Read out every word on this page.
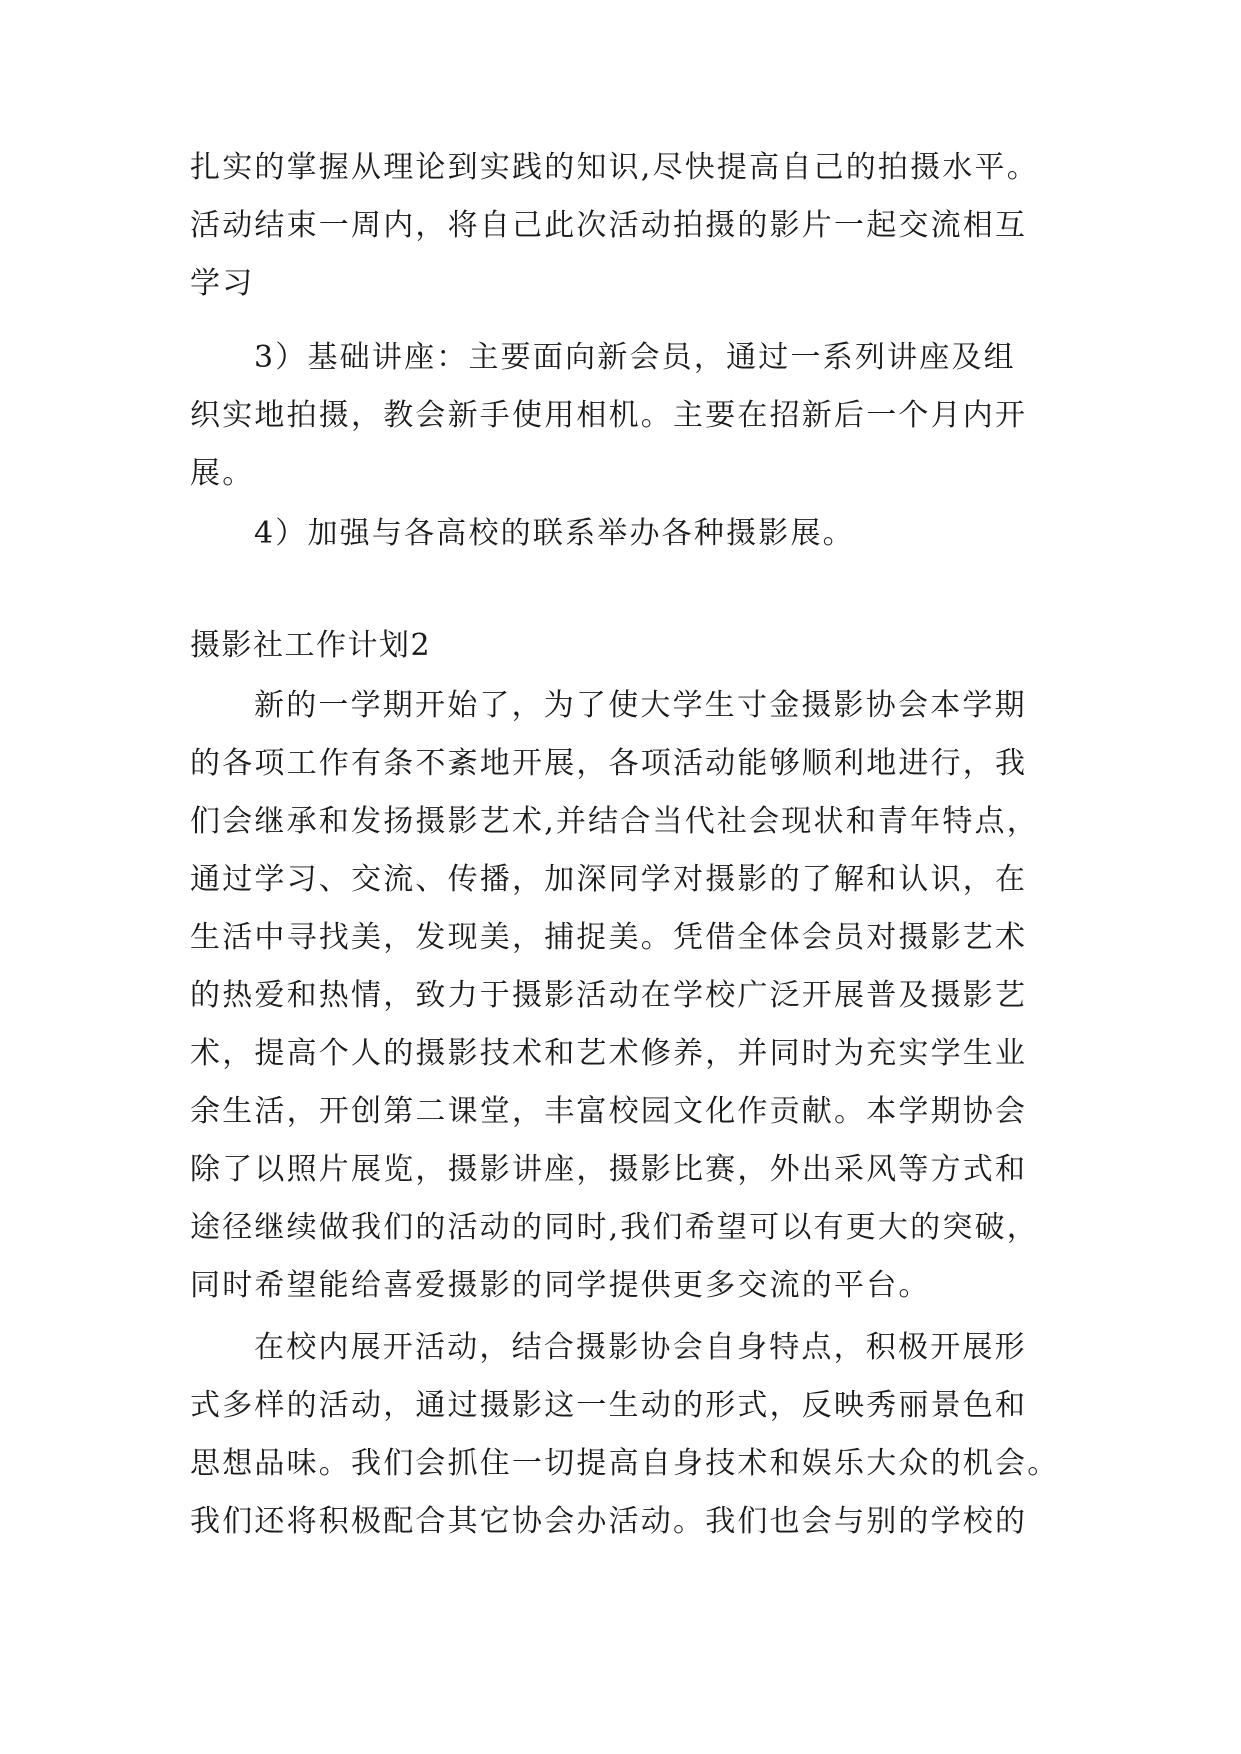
扎实的掌握从理论到实践的知识,尽快提高自己的拍摄水平。
活动结束一周内，将自己此次活动拍摄的影片一起交流相互
学习
3）基础讲座：主要面向新会员，通过一系列讲座及组
织实地拍摄，教会新手使用相机。主要在招新后一个月内开
展。
4）加强与各高校的联系举办各种摄影展。
摄影社工作计划2
新的一学期开始了，为了使大学生寸金摄影协会本学期
的各项工作有条不紊地开展，各项活动能够顺利地进行，我
们会继承和发扬摄影艺术,并结合当代社会现状和青年特点，
通过学习、交流、传播，加深同学对摄影的了解和认识，在
生活中寻找美，发现美，捕捉美。凭借全体会员对摄影艺术
的热爱和热情，致力于摄影活动在学校广泛开展普及摄影艺
术，提高个人的摄影技术和艺术修养，并同时为充实学生业
余生活，开创第二课堂，丰富校园文化作贡献。本学期协会
除了以照片展览，摄影讲座，摄影比赛，外出采风等方式和
途径继续做我们的活动的同时,我们希望可以有更大的突破，
同时希望能给喜爱摄影的同学提供更多交流的平台。
在校内展开活动，结合摄影协会自身特点，积极开展形
式多样的活动，通过摄影这一生动的形式，反映秀丽景色和
思想品味。我们会抓住一切提高自身技术和娱乐大众的机会。
我们还将积极配合其它协会办活动。我们也会与别的学校的
